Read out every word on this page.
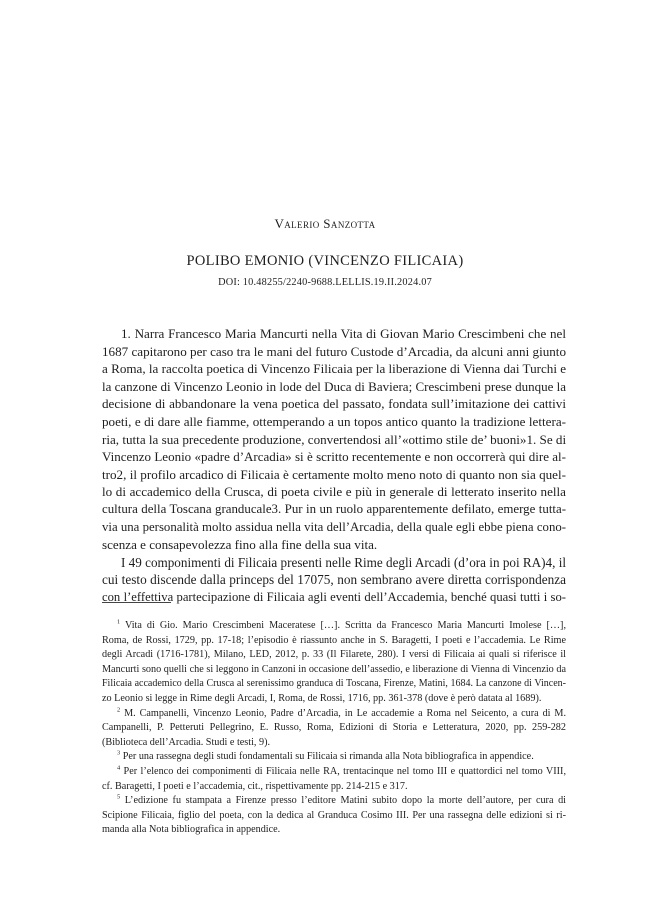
Valerio Sanzotta
POLIBO EMONIO (VINCENZO FILICAIA)
DOI: 10.48255/2240-9688.LELLIS.19.II.2024.07
1. Narra Francesco Maria Mancurti nella Vita di Giovan Mario Crescimbeni che nel
1687 capitarono per caso tra le mani del futuro Custode d’Arcadia, da alcuni anni giunto
a Roma, la raccolta poetica di Vincenzo Filicaia per la liberazione di Vienna dai Turchi e
la canzone di Vincenzo Leonio in lode del Duca di Baviera; Crescimbeni prese dunque la
decisione di abbandonare la vena poetica del passato, fondata sull’imitazione dei cattivi
poeti, e di dare alle fiamme, ottemperando a un topos antico quanto la tradizione lettera-
ria, tutta la sua precedente produzione, convertendosi all’«ottimo stile de’ buoni»1. Se di
Vincenzo Leonio «padre d’Arcadia» si è scritto recentemente e non occorrerà qui dire al-
tro2, il profilo arcadico di Filicaia è certamente molto meno noto di quanto non sia quel-
lo di accademico della Crusca, di poeta civile e più in generale di letterato inserito nella
cultura della Toscana granducale3. Pur in un ruolo apparentemente defilato, emerge tutta-
via una personalità molto assidua nella vita dell’Arcadia, della quale egli ebbe piena cono-
scenza e consapevolezza fino alla fine della sua vita.
I 49 componimenti di Filicaia presenti nelle Rime degli Arcadi (d’ora in poi RA)4, il
cui testo discende dalla princeps del 17075, non sembrano avere diretta corrispondenza
con l’effettiva partecipazione di Filicaia agli eventi dell’Accademia, benché quasi tutti i so-
$^1$ Vita di Gio. Mario Crescimbeni Maceratese […]. Scritta da Francesco Maria Mancurti Imolese […],
Roma, de Rossi, 1729, pp. 17-18; l’episodio è riassunto anche in S. Baragetti, I poeti e l’accademia. Le Rime
degli Arcadi (1716-1781), Milano, LED, 2012, p. 33 (Il Filarete, 280). I versi di Filicaia ai quali si riferisce il
Mancurti sono quelli che si leggono in Canzoni in occasione dell’assedio, e liberazione di Vienna di Vincenzio da
Filicaia accademico della Crusca al serenissimo granduca di Toscana, Firenze, Matini, 1684. La canzone di Vincen-
zo Leonio si legge in Rime degli Arcadi, I, Roma, de Rossi, 1716, pp. 361-378 (dove è però datata al 1689).
$^2$ M. Campanelli, Vincenzo Leonio, Padre d’Arcadia, in Le accademie a Roma nel Seicento, a cura di M.
Campanelli, P. Petteruti Pellegrino, E. Russo, Roma, Edizioni di Storia e Letteratura, 2020, pp. 259-282
(Biblioteca dell’Arcadia. Studi e testi, 9).
$^3$ Per una rassegna degli studi fondamentali su Filicaia si rimanda alla Nota bibliografica in appendice.
$^4$ Per l’elenco dei componimenti di Filicaia nelle RA, trentacinque nel tomo III e quattordici nel tomo VIII,
cf. Baragetti, I poeti e l’accademia, cit., rispettivamente pp. 214-215 e 317.
$^5$ L’edizione fu stampata a Firenze presso l’editore Matini subito dopo la morte dell’autore, per cura di
Scipione Filicaia, figlio del poeta, con la dedica al Granduca Cosimo III. Per una rassegna delle edizioni si ri-
manda alla Nota bibliografica in appendice.
